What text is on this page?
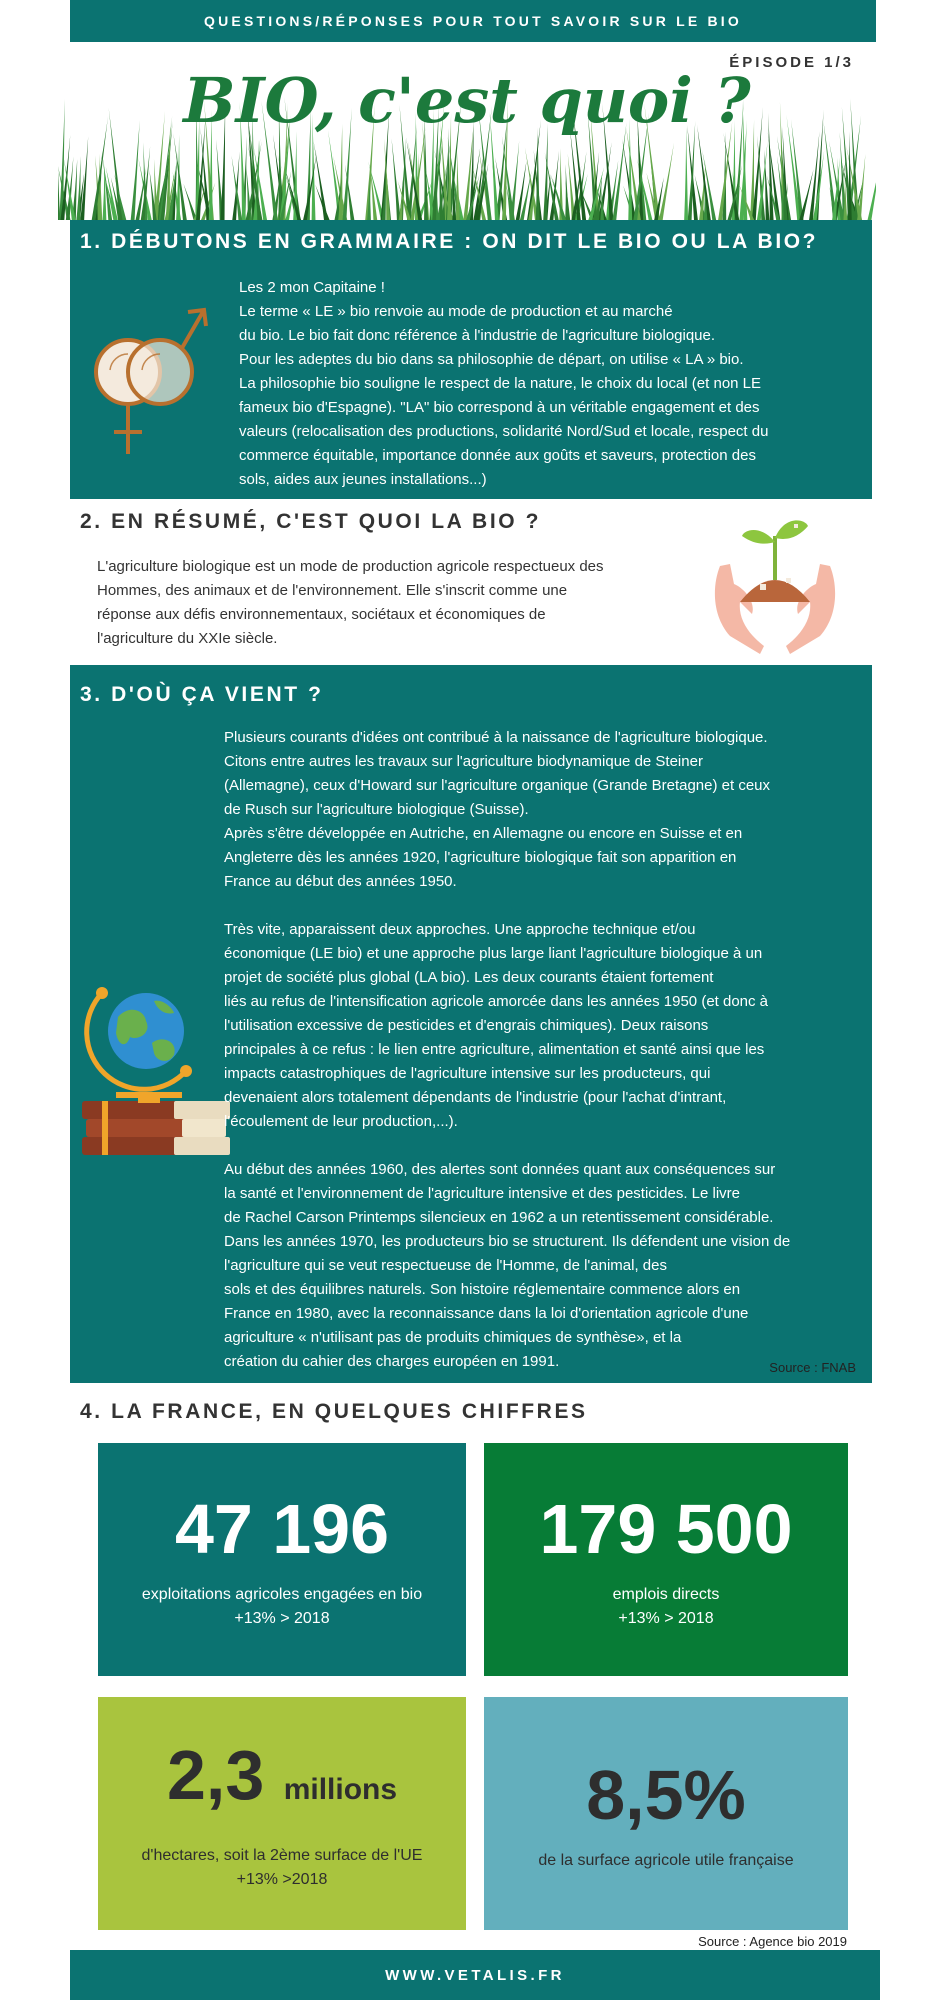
QUESTIONS/RÉPONSES POUR TOUT SAVOIR SUR LE BIO
BIO, c'est quoi ?
ÉPISODE 1/3
1. DÉBUTONS EN GRAMMAIRE : ON DIT LE BIO OU LA BIO?

Les 2 mon Capitaine !
Le terme « LE » bio renvoie au mode de production et au marché
du bio. Le bio fait donc référence à l'industrie de l'agriculture biologique.
Pour les adeptes du bio dans sa philosophie de départ, on utilise « LA » bio.
La philosophie bio souligne le respect de la nature, le choix du local (et non LE
fameux bio d'Espagne). "LA" bio correspond à un véritable engagement et des
valeurs (relocalisation des productions, solidarité Nord/Sud et locale, respect du
commerce équitable, importance donnée aux goûts et saveurs, protection des
sols, aides aux jeunes installations...)

2. EN RÉSUMÉ, C'EST QUOI LA BIO ?

L'agriculture biologique est un mode de production agricole respectueux des
Hommes, des animaux et de l'environnement. Elle s'inscrit comme une
réponse aux défis environnementaux, sociétaux et économiques de
l'agriculture du XXIe siècle.

3. D'OÙ ÇA VIENT ?

Plusieurs courants d'idées ont contribué à la naissance de l'agriculture biologique.
Citons entre autres les travaux sur l'agriculture biodynamique de Steiner
(Allemagne), ceux d'Howard sur l'agriculture organique (Grande Bretagne) et ceux
de Rusch sur l'agriculture biologique (Suisse).
Après s'être développée en Autriche, en Allemagne ou encore en Suisse et en
Angleterre dès les années 1920, l'agriculture biologique fait son apparition en
France au début des années 1950.

Très vite, apparaissent deux approches. Une approche technique et/ou
économique (LE bio) et une approche plus large liant l'agriculture biologique à un
projet de société plus global (LA bio). Les deux courants étaient fortement
liés au refus de l'intensification agricole amorcée dans les années 1950 (et donc à
l'utilisation excessive de pesticides et d'engrais chimiques). Deux raisons
principales à ce refus : le lien entre agriculture, alimentation et santé ainsi que les
impacts catastrophiques de l'agriculture intensive sur les producteurs, qui
devenaient alors totalement dépendants de l'industrie (pour l'achat d'intrant,
l'écoulement de leur production,...).

Au début des années 1960, des alertes sont données quant aux conséquences sur
la santé et l'environnement de l'agriculture intensive et des pesticides. Le livre
de Rachel Carson Printemps silencieux en 1962 a un retentissement considérable.
Dans les années 1970, les producteurs bio se structurent. Ils défendent une vision de
l'agriculture qui se veut respectueuse de l'Homme, de l'animal, des
sols et des équilibres naturels. Son histoire réglementaire commence alors en
France en 1980, avec la reconnaissance dans la loi d'orientation agricole d'une
agriculture « n'utilisant pas de produits chimiques de synthèse», et la
création du cahier des charges européen en 1991.	Source : FNAB
4. LA FRANCE, EN QUELQUES CHIFFRES
47 196
exploitations agricoles engagées en bio
+13% > 2018
179 500
emplois directs
+13% > 2018
2,3 millions
d'hectares, soit la 2ème surface de l'UE
+13% >2018
8,5%
de la surface agricole utile française
Source : Agence bio 2019
WWW.VETALIS.FR
